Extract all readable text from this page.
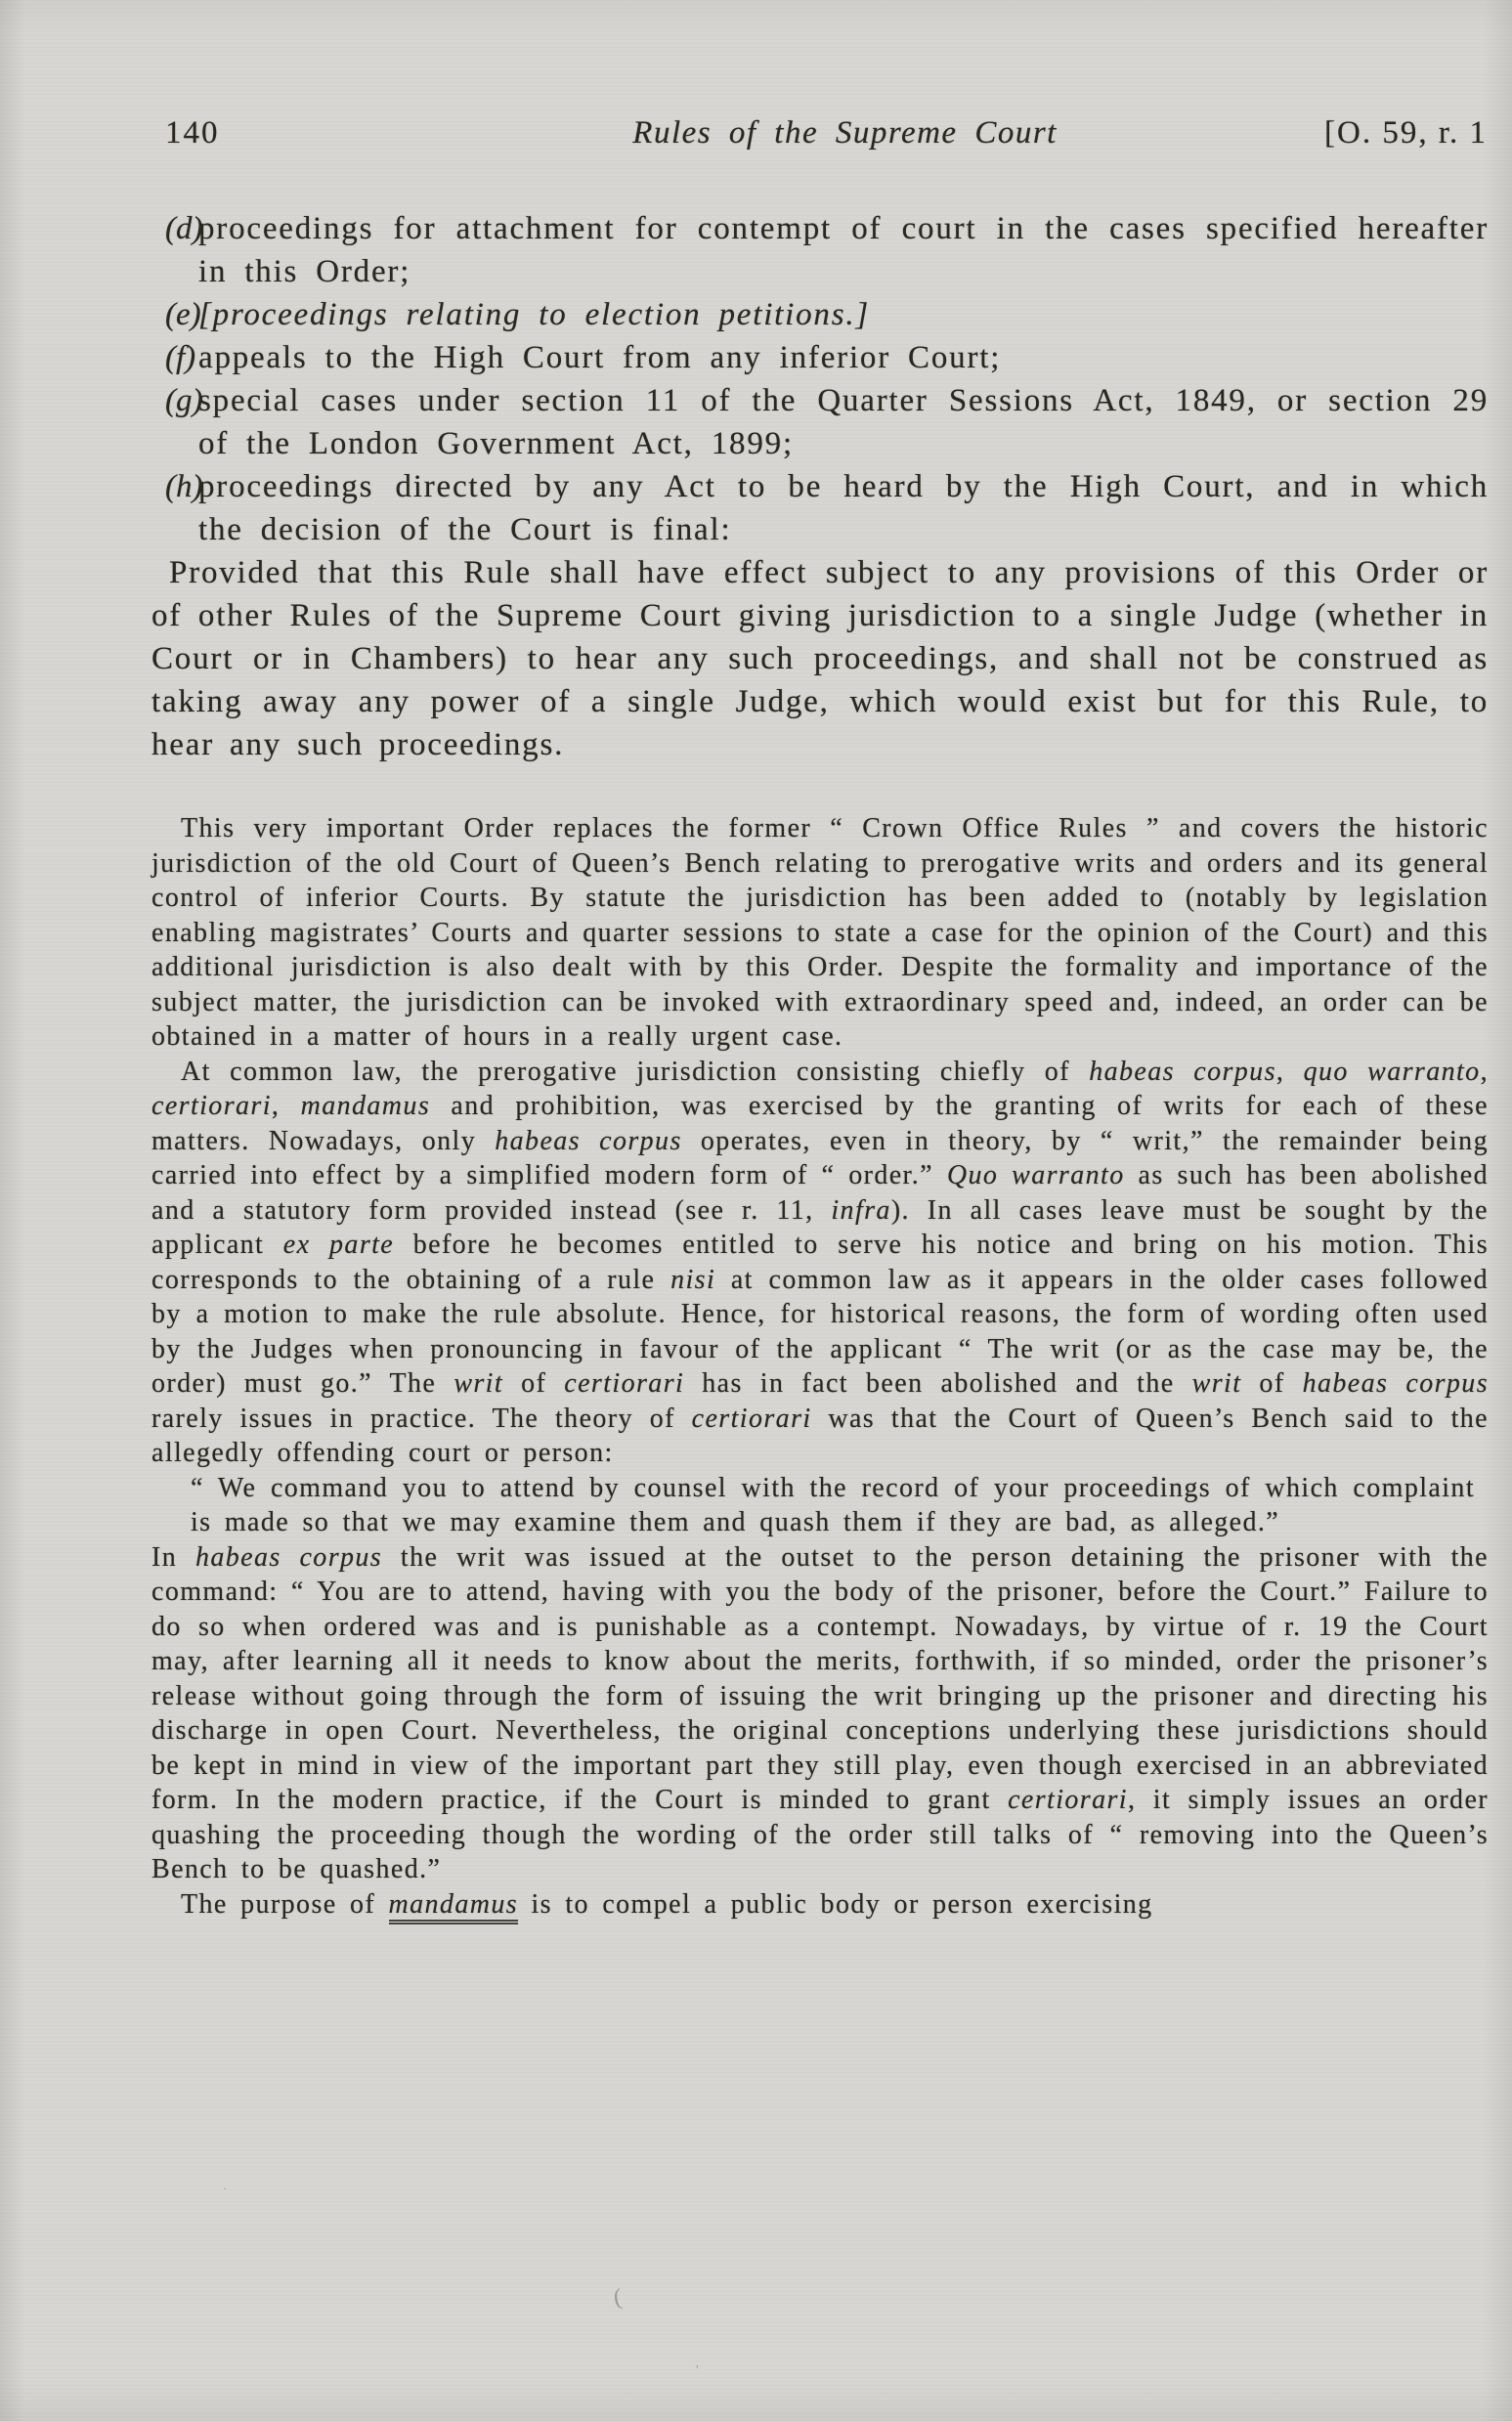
140	Rules of the Supreme Court	[O. 59, r. 1
(d)
proceedings for attachment for contempt of court in the cases specified hereafter in this Order;
(e)
[proceedings relating to election petitions.]
(f) appeals to the High Court from any inferior Court;
(g)
special cases under section 11 of the Quarter Sessions Act, 1849, or section 29 of the London Government Act, 1899;
(h)
proceedings directed by any Act to be heard by the High Court, and in which the decision of the Court is final:

Provided that this Rule shall have effect subject to any provisions of this Order or of other Rules of the Supreme Court giving jurisdiction to a single Judge (whether in Court or in Chambers) to hear any such proceedings, and shall not be construed as taking away any power of a single Judge, which would exist but for this Rule, to hear any such proceedings.

This very important Order replaces the former “ Crown Office Rules ” and covers the historic jurisdiction of the old Court of Queen’s Bench relating to prerogative writs and orders and its general control of inferior Courts. By statute the jurisdiction has been added to (notably by legislation enabling magistrates’ Courts and quarter sessions to state a case for the opinion of the Court) and this additional jurisdiction is also dealt with by this Order. Despite the formality and importance of the subject matter, the jurisdiction can be invoked with extraordinary speed and, indeed, an order can be obtained in a matter of hours in a really urgent case.

At common law, the prerogative jurisdiction consisting chiefly of habeas corpus, quo warranto, certiorari, mandamus and prohibition, was exercised by the granting of writs for each of these matters. Nowadays, only habeas corpus operates, even in theory, by “ writ,” the remainder being carried into effect by a simplified modern form of “ order.” Quo warranto as such has been abolished and a statutory form provided instead (see r. 11, infra). In all cases leave must be sought by the applicant ex parte before he becomes entitled to serve his notice and bring on his motion. This corresponds to the obtaining of a rule nisi at common law as it appears in the older cases followed by a motion to make the rule absolute. Hence, for historical reasons, the form of wording often used by the Judges when pronouncing in favour of the applicant “ The writ (or as the case may be, the order) must go.” The writ of certiorari has in fact been abolished and the writ of habeas corpus rarely issues in practice. The theory of certiorari was that the Court of Queen’s Bench said to the allegedly offending court or person:

“ We command you to attend by counsel with the record of your proceedings of which complaint is made so that we may examine them and quash them if they are bad, as alleged.”

In habeas corpus the writ was issued at the outset to the person detaining the prisoner with the command: “ You are to attend, having with you the body of the prisoner, before the Court.” Failure to do so when ordered was and is punishable as a contempt. Nowadays, by virtue of r. 19 the Court may, after learning all it needs to know about the merits, forthwith, if so minded, order the prisoner’s release without going through the form of issuing the writ bringing up the prisoner and directing his discharge in open Court. Nevertheless, the original conceptions underlying these jurisdictions should be kept in mind in view of the important part they still play, even though exercised in an abbreviated form. In the modern practice, if the Court is minded to grant certiorari, it simply issues an order quashing the proceeding though the wording of the order still talks of “ removing into the Queen’s Bench to be quashed.”

The purpose of mandamus is to compel a public body or person exercising

(
'
·
